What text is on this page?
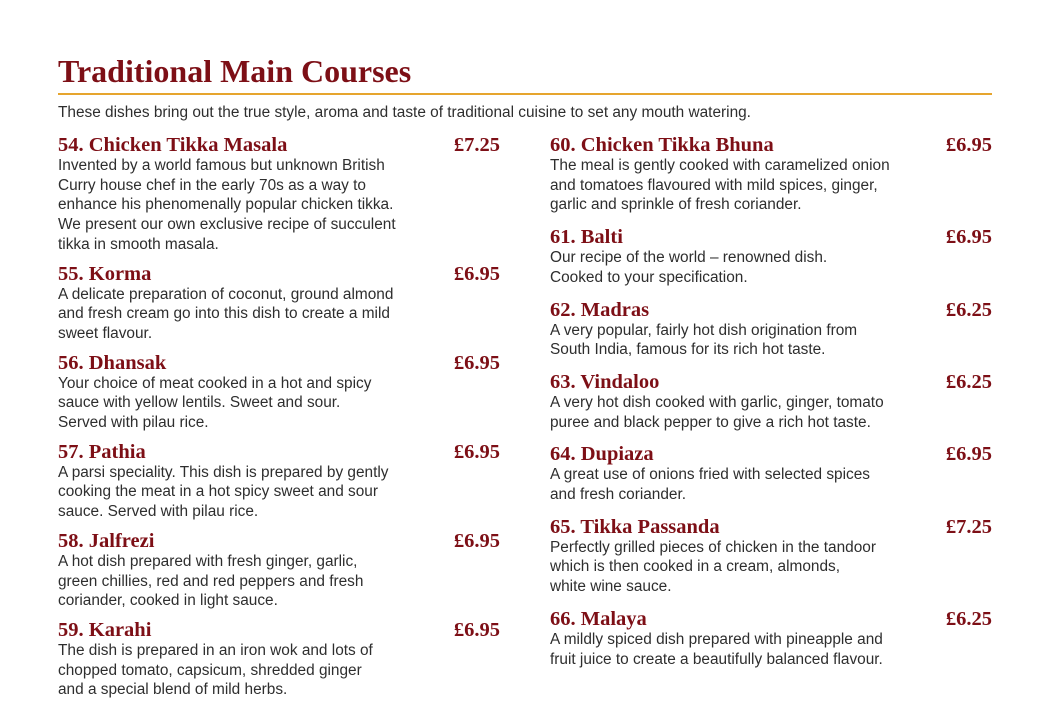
Traditional Main Courses
These dishes bring out the true style, aroma and taste of traditional cuisine to set any mouth watering.
54. Chicken Tikka Masala	£7.25
Invented by a world famous but unknown British
Curry house chef in the early 70s as a way to
enhance his phenomenally popular chicken tikka.
We present our own exclusive recipe of succulent
tikka in smooth masala.
55. Korma	£6.95
A delicate preparation of coconut, ground almond
and fresh cream go into this dish to create a mild
sweet flavour.
56. Dhansak	£6.95
Your choice of meat cooked in a hot and spicy
sauce with yellow lentils. Sweet and sour.
Served with pilau rice.
57. Pathia	£6.95
A parsi speciality. This dish is prepared by gently
cooking the meat in a hot spicy sweet and sour
sauce. Served with pilau rice.
58. Jalfrezi	£6.95
A hot dish prepared with fresh ginger, garlic,
green chillies, red and red peppers and fresh
coriander, cooked in light sauce.
59. Karahi	£6.95
The dish is prepared in an iron wok and lots of
chopped tomato, capsicum, shredded ginger
and a special blend of mild herbs.
60. Chicken Tikka Bhuna	£6.95
The meal is gently cooked with caramelized onion
and tomatoes flavoured with mild spices, ginger,
garlic and sprinkle of fresh coriander.
61. Balti	£6.95
Our recipe of the world – renowned dish.
Cooked to your specification.
62. Madras	£6.25
A very popular, fairly hot dish origination from
South India, famous for its rich hot taste.
63. Vindaloo	£6.25
A very hot dish cooked with garlic, ginger, tomato
puree and black pepper to give a rich hot taste.
64. Dupiaza	£6.95
A great use of onions fried with selected spices
and fresh coriander.
65. Tikka Passanda	£7.25
Perfectly grilled pieces of chicken in the tandoor
which is then cooked in a cream, almonds,
white wine sauce.
66. Malaya	£6.25
A mildly spiced dish prepared with pineapple and
fruit juice to create a beautifully balanced flavour.
